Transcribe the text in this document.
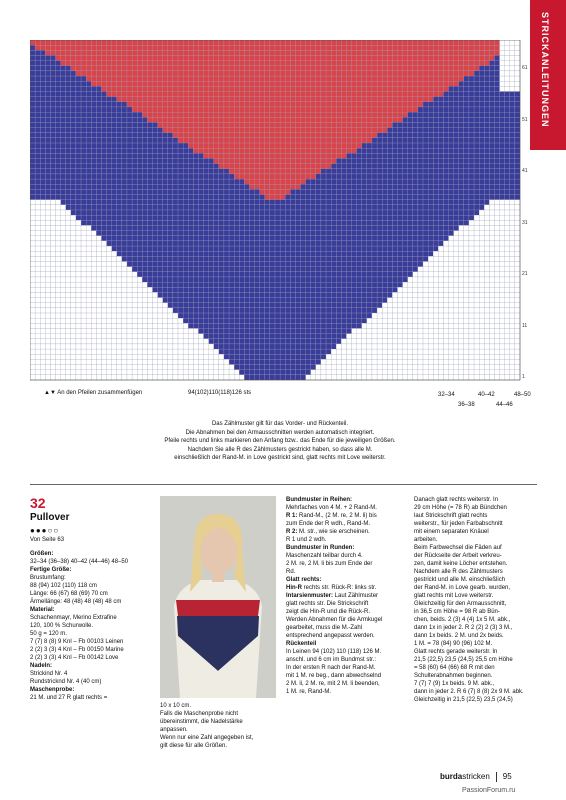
STRICKANLEITUNGEN
61
51
41
31
21
11
1
▲▼ An den Pfeilen zusammenfügen	94(102)110(118)126 sts	32–34	40–42	48–50
36–38	44–46

Das Zählmuster gilt für das Vorder- und Rückenteil.

Die Abnahmen bei den Armausschnitten werden automatisch integriert.

Pfeile rechts und links markieren den Anfang bzw.. das Ende für die jeweiligen Größen.

Nachdem Sie alle R des Zählmusters gestrickt haben, so dass alle M.

einschließlich der Rand-M. in Love gestrickt sind, glatt rechts mit Love weiterstr.

32
Pullover
●●●○○
Von Seite 63

Größen:

32–34 (36–38) 40–42 (44–46) 48–50

Fertige Größe:

Brustumfang:

88 (94) 102 (110) 118 cm

Länge: 66 (67) 68 (69) 70 cm

Ärmellänge: 48 (48) 48 (48) 48 cm

Material:

Schachenmayr, Merino Extrafine

120, 100 % Schurwolle.

50 g = 120 m.

7 (7) 8 (8) 9 Knl – Fb 00103 Leinen

2 (2) 3 (3) 4 Knl – Fb 00150 Marine

2 (2) 3 (3) 4 Knl – Fb 00142 Love

Nadeln:

Strickind Nr. 4

Rundstricknd Nr. 4 (40 cm)

Maschenprobe:

21 M. und 27 R glatt rechts =

10 x 10 cm.

Falls die Maschenprobe nicht

übereinstimmt, die Nadelstärke

anpassen.

Wenn nur eine Zahl angegeben ist,

gilt diese für alle Größen.

Bundmuster in Reihen:

Mehrfaches von 4 M. + 2 Rand-M.

R 1: Rand-M., (2 M. re, 2 M. li) bis

zum Ende der R wdh., Rand-M.

R 2: M. str., wie sie erscheinen.

R 1 und 2 wdh.

Bundmuster in Runden:

Maschenzahl teilbar durch 4.

2 M. re, 2 M. li bis zum Ende der

Rd.

Glatt rechts:

Hin-R rechts str. Rück-R: links str.

Intarsienmuster: Laut Zählmuster

glatt rechts str. Die Strickschrift

zeigt die Hin-R und die Rück-R.

Werden Abnahmen für die Armkugel

gearbeitet, muss die M.-Zahl

entsprechend angepasst werden.

Rückenteil

In Leinen 94 (102) 110 (118) 126 M.

anschl. und 6 cm im Bundmst str.:

In der ersten R nach der Rand-M.

mit 1 M. re beg., dann abwechselnd

2 M. li, 2 M. re, mit 2 M. li beenden,

1 M. re, Rand-M.

Danach glatt rechts weiterstr. In

29 cm Höhe (= 78 R) ab Bündchen

laut Strickschrift glatt rechts

weiterstr., für jeden Farbabschnitt

mit einem separaten Knäuel

arbeiten.

Beim Farbwechsel die Fäden auf

der Rückseite der Arbeit verkreu-

zen, damit keine Löcher entstehen.

Nachdem alle R des Zählmusters

gestrickt und alle M. einschließlich

der Rand-M. in Love gearb. wurden,

glatt rechts mit Love weiterstr.

Gleichzeitig für den Armausschnitt,

in 36,5 cm Höhe = 98 R ab Bün-

chen, beids. 2 (3) 4 (4) 1x 5 M. abk.,

dann 1x in jeder 2. R 2 (2) 2 (3) 3 M.,

dann 1x beids. 2 M. und 2x beids.

1 M. = 78 (84) 90 (96) 102 M.

Glatt rechts gerade weiterstr. In

21,5 (22,5) 23,5 (24,5) 25,5 cm Höhe

= 58 (60) 64 (66) 68 R mit den

Schulterabnahmen beginnen.

7 (7) 7 (9) 1x beids. 9 M. abk.,

dann in jeder 2. R 6 (7) 8 (8) 2x 9 M. abk.

Gleichzeitig in 21,5 (22,5) 23,5 (24,5)

burdastricken 95
PassionForum.ru
